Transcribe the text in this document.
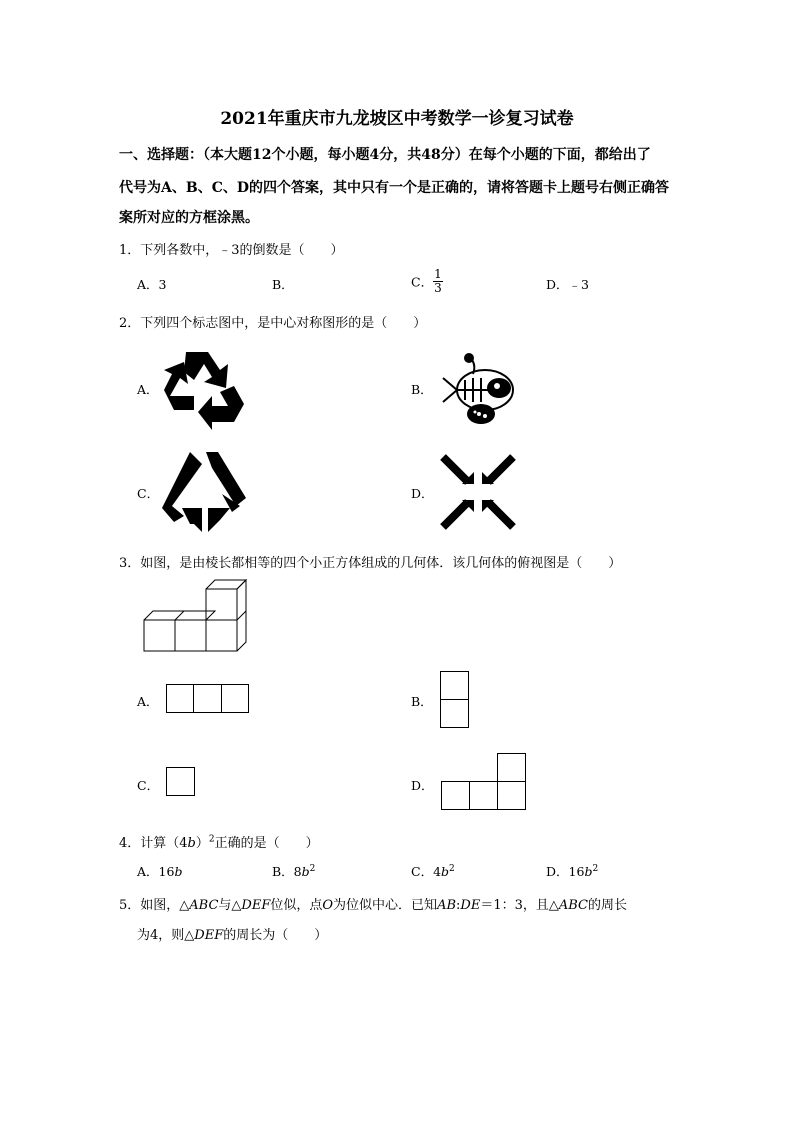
2021年重庆市九龙坡区中考数学一诊复习试卷
一、选择题：（本大题12个小题，每小题4分，共48分）在每个小题的下面，都给出了
代号为A、B、C、D的四个答案，其中只有一个是正确的，请将答题卡上题号右侧正确答
案所对应的方框涂黑。
1．下列各数中，﹣3的倒数是（　　）
A．3	B．	C． $\frac{1}{3}$	D．﹣3
2．下列四个标志图中，是中心对称图形的是（　　）
A．	B．
C．	D．
3．如图，是由棱长都相等的四个小正方体组成的几何体．该几何体的俯视图是（　　）
A．	B．
C．	D．
4．计算$(4b)^2$正确的是（　　）
A．16b	B．$8b^2$	C．$4b^2$	D．$16b^2$
5．如图，△ABC与△DEF位似，点O为位似中心．已知AB:DE＝1：3，且△ABC的周长
为4，则△DEF的周长为（　　）
